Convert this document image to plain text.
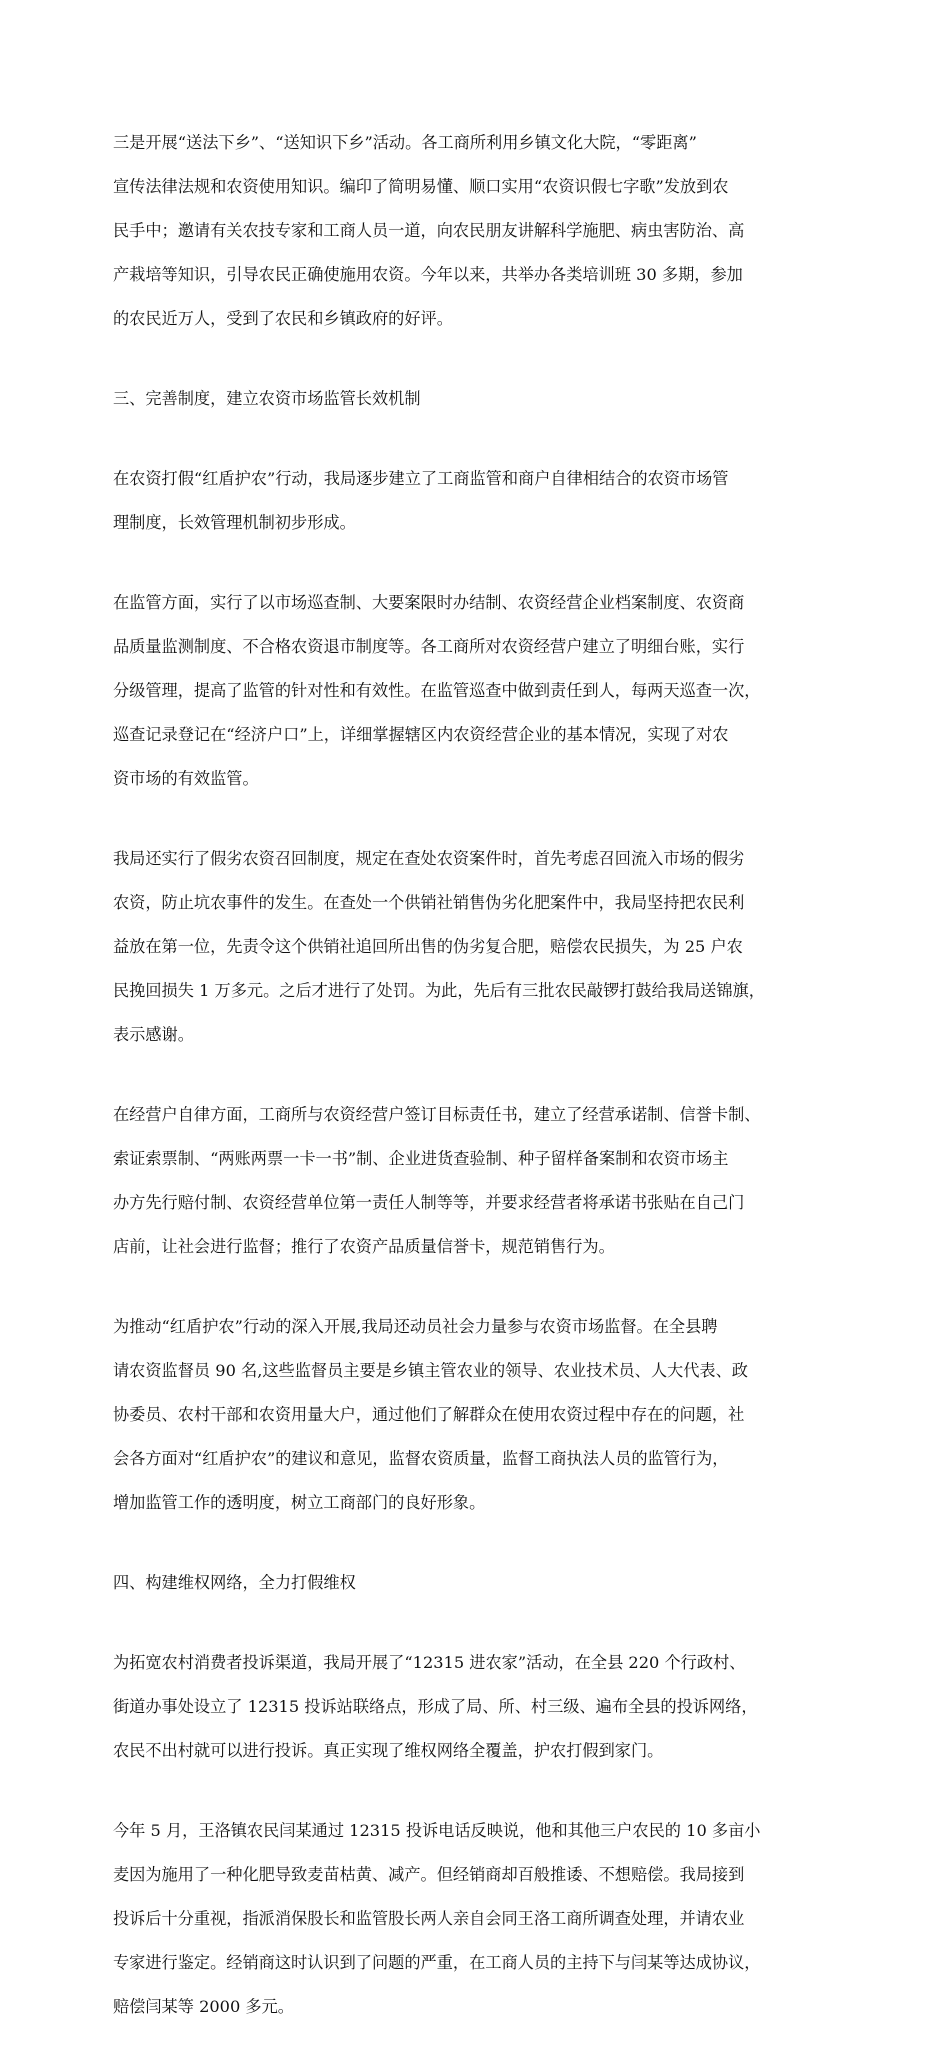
三是开展“送法下乡”、“送知识下乡”活动。各工商所利用乡镇文化大院，“零距离”

宣传法律法规和农资使用知识。编印了简明易懂、顺口实用“农资识假七字歌”发放到农

民手中；邀请有关农技专家和工商人员一道，向农民朋友讲解科学施肥、病虫害防治、高

产栽培等知识，引导农民正确使施用农资。今年以来，共举办各类培训班 30 多期，参加

的农民近万人，受到了农民和乡镇政府的好评。

三、完善制度，建立农资市场监管长效机制

在农资打假“红盾护农”行动，我局逐步建立了工商监管和商户自律相结合的农资市场管

理制度，长效管理机制初步形成。

在监管方面，实行了以市场巡查制、大要案限时办结制、农资经营企业档案制度、农资商

品质量监测制度、不合格农资退市制度等。各工商所对农资经营户建立了明细台账，实行

分级管理，提高了监管的针对性和有效性。在监管巡查中做到责任到人，每两天巡查一次，

巡查记录登记在“经济户口”上，详细掌握辖区内农资经营企业的基本情况，实现了对农

资市场的有效监管。

我局还实行了假劣农资召回制度，规定在查处农资案件时，首先考虑召回流入市场的假劣

农资，防止坑农事件的发生。在查处一个供销社销售伪劣化肥案件中，我局坚持把农民利

益放在第一位，先责令这个供销社追回所出售的伪劣复合肥，赔偿农民损失，为 25 户农

民挽回损失 1 万多元。之后才进行了处罚。为此，先后有三批农民敲锣打鼓给我局送锦旗，

表示感谢。

在经营户自律方面，工商所与农资经营户签订目标责任书，建立了经营承诺制、信誉卡制、

索证索票制、“两账两票一卡一书”制、企业进货查验制、种子留样备案制和农资市场主

办方先行赔付制、农资经营单位第一责任人制等等，并要求经营者将承诺书张贴在自己门

店前，让社会进行监督；推行了农资产品质量信誉卡，规范销售行为。

为推动“红盾护农”行动的深入开展,我局还动员社会力量参与农资市场监督。在全县聘

请农资监督员 90 名,这些监督员主要是乡镇主管农业的领导、农业技术员、人大代表、政

协委员、农村干部和农资用量大户，通过他们了解群众在使用农资过程中存在的问题，社

会各方面对“红盾护农”的建议和意见，监督农资质量，监督工商执法人员的监管行为，

增加监管工作的透明度，树立工商部门的良好形象。

四、构建维权网络，全力打假维权

为拓宽农村消费者投诉渠道，我局开展了“12315 进农家”活动，在全县 220 个行政村、

街道办事处设立了 12315 投诉站联络点，形成了局、所、村三级、遍布全县的投诉网络，

农民不出村就可以进行投诉。真正实现了维权网络全覆盖，护农打假到家门。

今年 5 月，王洛镇农民闫某通过 12315 投诉电话反映说，他和其他三户农民的 10 多亩小

麦因为施用了一种化肥导致麦苗枯黄、减产。但经销商却百般推诿、不想赔偿。我局接到

投诉后十分重视，指派消保股长和监管股长两人亲自会同王洛工商所调查处理，并请农业

专家进行鉴定。经销商这时认识到了问题的严重，在工商人员的主持下与闫某等达成协议，

赔偿闫某等 2000 多元。
